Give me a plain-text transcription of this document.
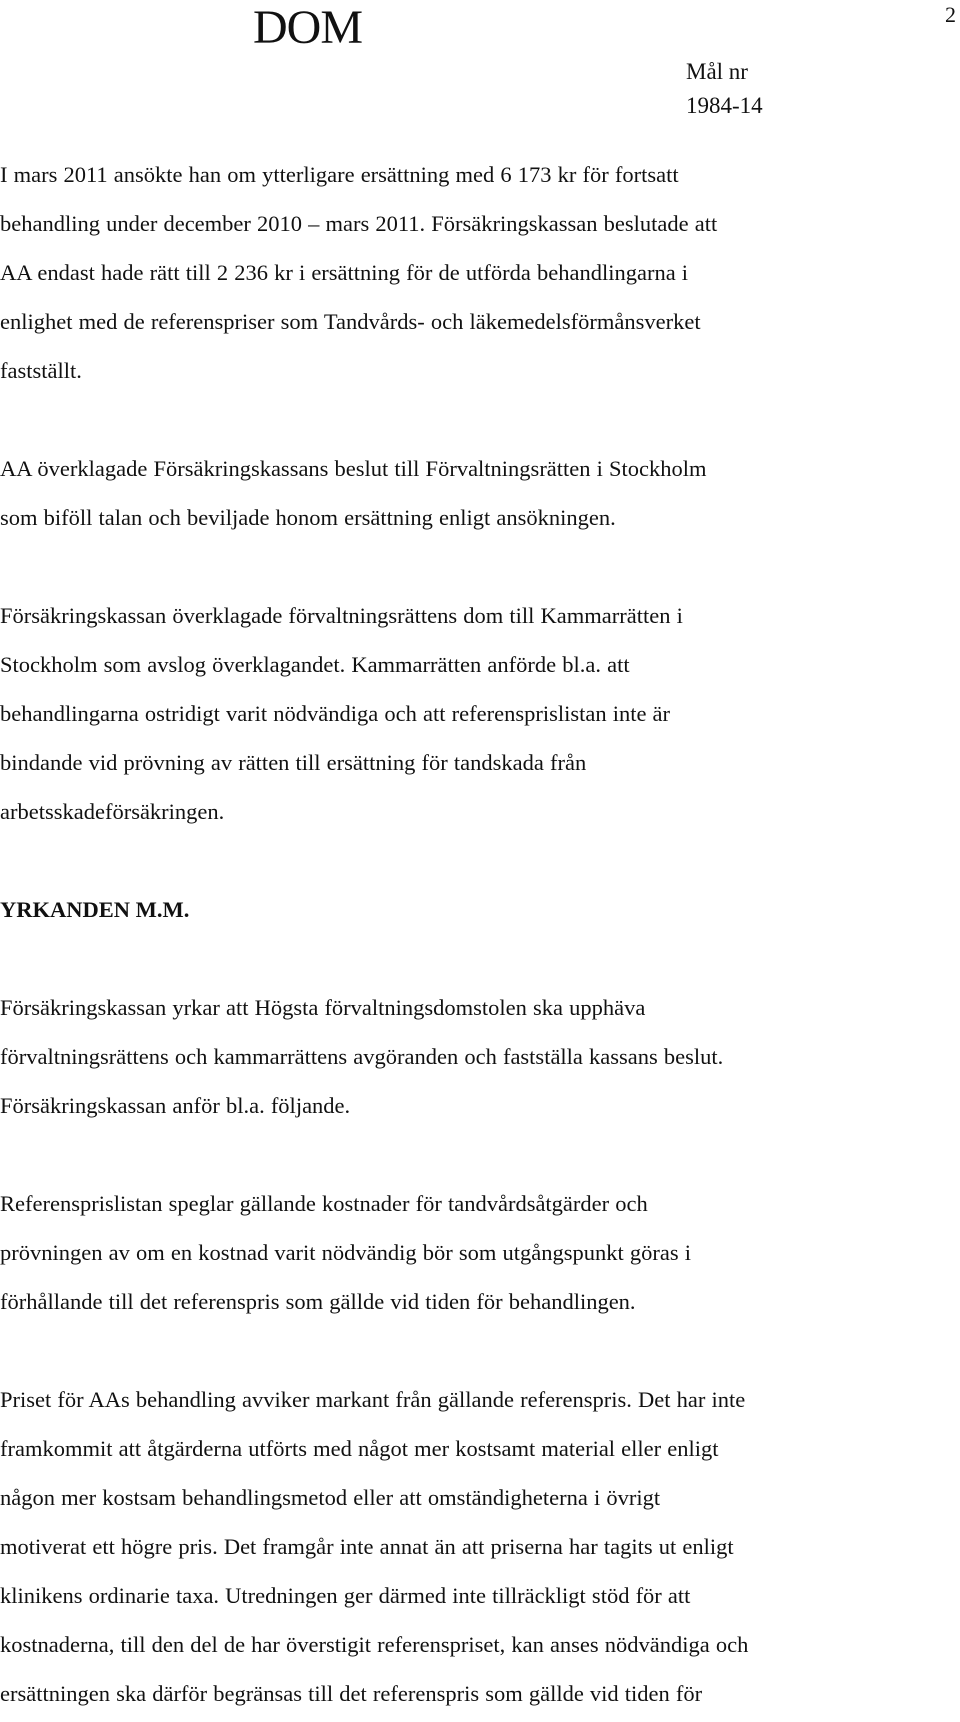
DOM	2
Mål nr
1984-14

I mars 2011 ansökte han om ytterligare ersättning med 6 173 kr för fortsatt
behandling under december 2010 – mars 2011. Försäkringskassan beslutade att
AA endast hade rätt till 2 236 kr i ersättning för de utförda behandlingarna i
enlighet med de referenspriser som Tandvårds- och läkemedelsförmånsverket
fastställt.

AA överklagade Försäkringskassans beslut till Förvaltningsrätten i Stockholm
som biföll talan och beviljade honom ersättning enligt ansökningen.

Försäkringskassan överklagade förvaltningsrättens dom till Kammarrätten i
Stockholm som avslog överklagandet. Kammarrätten anförde bl.a. att
behandlingarna ostridigt varit nödvändiga och att referensprislistan inte är
bindande vid prövning av rätten till ersättning för tandskada från
arbetsskadeförsäkringen.

YRKANDEN M.M.

Försäkringskassan yrkar att Högsta förvaltningsdomstolen ska upphäva
förvaltningsrättens och kammarrättens avgöranden och fastställa kassans beslut.
Försäkringskassan anför bl.a. följande.

Referensprislistan speglar gällande kostnader för tandvårdsåtgärder och
prövningen av om en kostnad varit nödvändig bör som utgångspunkt göras i
förhållande till det referenspris som gällde vid tiden för behandlingen.

Priset för AAs behandling avviker markant från gällande referenspris. Det har inte
framkommit att åtgärderna utförts med något mer kostsamt material eller enligt
någon mer kostsam behandlingsmetod eller att omständigheterna i övrigt
motiverat ett högre pris. Det framgår inte annat än att priserna har tagits ut enligt
klinikens ordinarie taxa. Utredningen ger därmed inte tillräckligt stöd för att
kostnaderna, till den del de har överstigit referenspriset, kan anses nödvändiga och
ersättningen ska därför begränsas till det referenspris som gällde vid tiden för
